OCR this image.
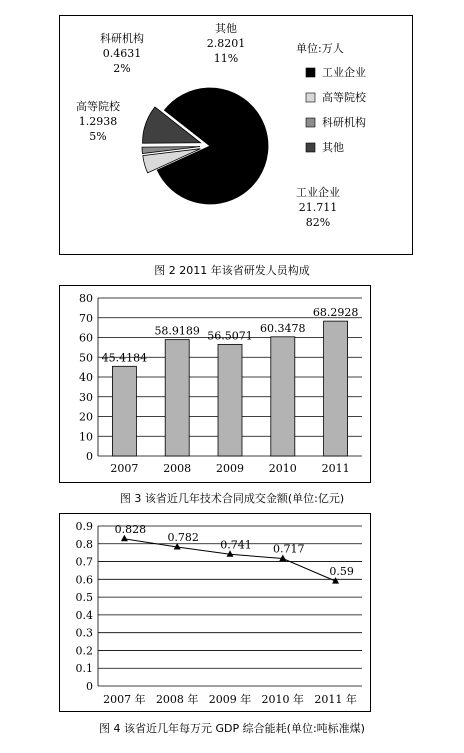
工业企业
21.711
82%
高等院校
1.2938
5%
科研机构
0.4631
2%
其他
2.8201
11%
单位:万人
工业企业
高等院校
科研机构
其他
图 2 2011 年该省研发人员构成
0
10
20
30
40
50
60
70
80
45.4184
2007
58.9189
2008
56.5071
2009
60.3478
2010
68.2928
2011
图 3 该省近几年技术合同成交金额(单位:亿元)
0
0.1
0.2
0.3
0.4
0.5
0.6
0.7
0.8
0.9 0.828
2007 年
0.782
2008 年
0.741
2009 年
0.717
2010 年
0.59
2011 年
图 4 该省近几年每万元 GDP 综合能耗(单位:吨标准煤)
